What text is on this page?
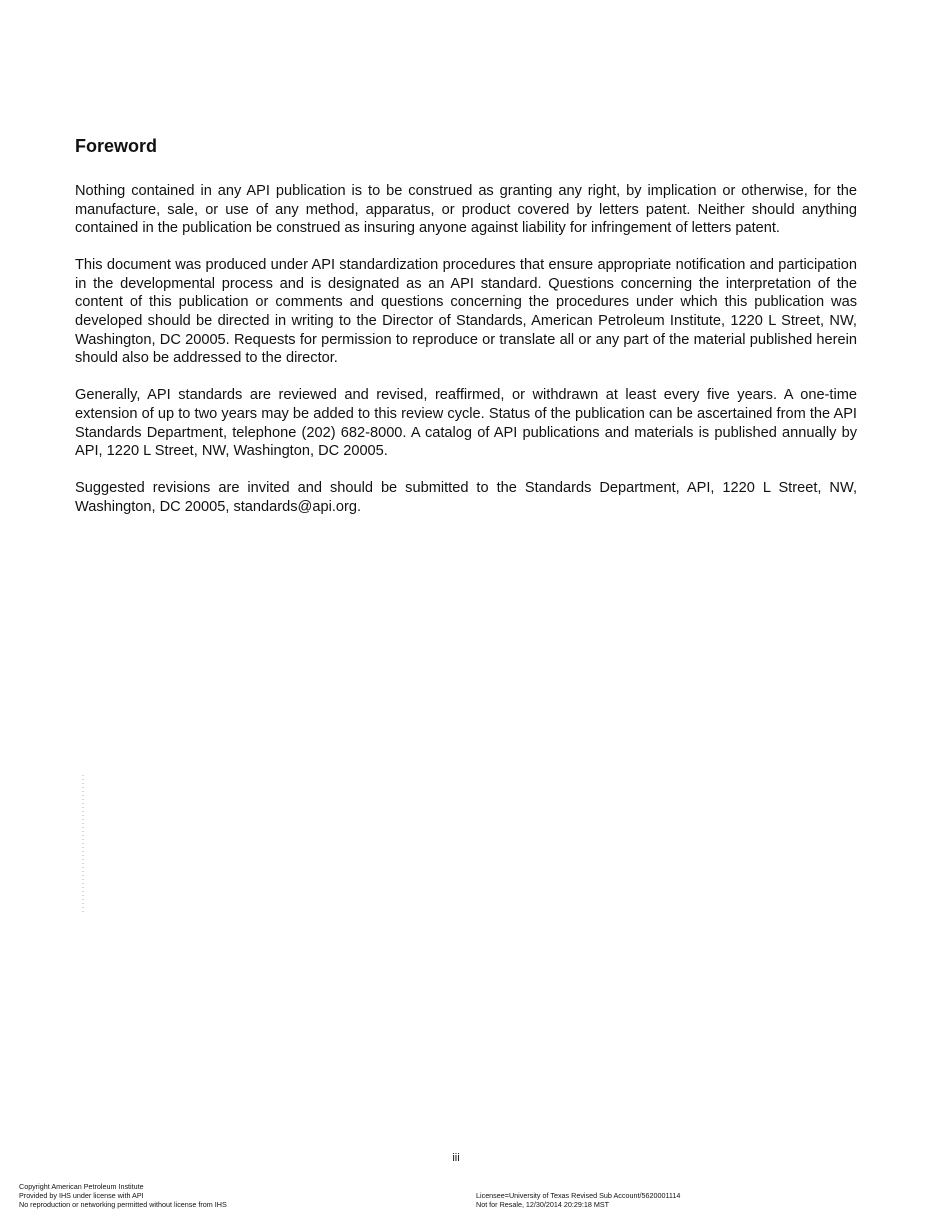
Foreword

Nothing contained in any API publication is to be construed as granting any right, by implication or otherwise, for the manufacture, sale, or use of any method, apparatus, or product covered by letters patent. Neither should anything contained in the publication be construed as insuring anyone against liability for infringement of letters patent.

This document was produced under API standardization procedures that ensure appropriate notification and participation in the developmental process and is designated as an API standard. Questions concerning the interpretation of the content of this publication or comments and questions concerning the procedures under which this publication was developed should be directed in writing to the Director of Standards, American Petroleum Institute, 1220 L Street, NW, Washington, DC 20005. Requests for permission to reproduce or translate all or any part of the material published herein should also be addressed to the director.

Generally, API standards are reviewed and revised, reaffirmed, or withdrawn at least every five years. A one-time extension of up to two years may be added to this review cycle. Status of the publication can be ascertained from the API Standards Department, telephone (202) 682-8000. A catalog of API publications and materials is published annually by API, 1220 L Street, NW, Washington, DC 20005.

Suggested revisions are invited and should be submitted to the Standards Department, API, 1220 L Street, NW, Washington, DC 20005, standards@api.org.

iii
Copyright American Petroleum Institute
Provided by IHS under license with API
No reproduction or networking permitted without license from IHS
Licensee=University of Texas Revised Sub Account/5620001114
Not for Resale, 12/30/2014 20:29:18 MST
